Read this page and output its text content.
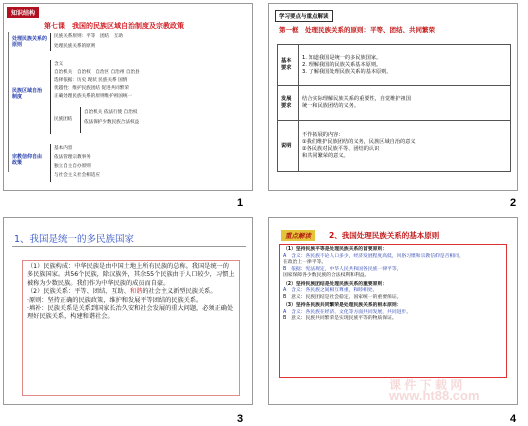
知识结构
第七课　我国的民族区域自治制度及宗教政策
处理民族关系的原则
民族关系原则：平等　团结　互助
处理民族关系的原则
民族区域自治制度
含义
自治机关　自治权　自治区 自治州 自治县
选择依据：历史 现状 民族关系 国情
优越性：维护民族团结 促进共同繁荣
正确处理民族关系的原则维护祖国统一
民族团结
自治机关 依法行使 自治权
依法保护少数民族合法权益
宗教信仰自由政策
基本内容
依法管理宗教事务
独立自主自办原则
与社会主义社会相适应
1
学习要点与重点解读
第一框　处理民族关系的原则：平等、团结、共同繁荣
基本要求	1. 知道我国是统一的多民族国家。
2. 理解我国的民族关系基本原则。
3. 了解我国处理民族关系的基本原则。

发展要求	结合实际理解民族关系的重要性，自觉维护祖国
统一和民族团结的义务。

说明	不作拓展的内容：
①我们维护民族团结的义务，民族区域自治的意义
②各民族对民族平等、团结的认识
和共同繁荣的意义。
2
1、我国是统一的多民族国家
（1）民族构成：中华民族是由中国土地上所有民族的总称。我国是统一的多民族国家。共56个民族，除汉族外，其余55个民族由于人口较少，习惯上被称为少数民族。我们作为中华民族的成员而自豪。
（2）民族关系：平等、团结、互助、和谐的社会主义新型民族关系。
·原则：坚持正确的民族政策，维护和发展平等团结的民族关系。
·填补：民族关系是关系到国家长治久安和社会发展的重大问题，必须正确处理好民族关系，构建和谐社会。
3
重点解读	2、我国处理民族关系的基本原则
（1）坚持民族平等是处理民族关系的首要原则：
A　含义：各民族不论人口多少，经济发展程度高低，风俗习惯和宗教信仰是否相同，
在政治上一律平等。
B　依据：宪法规定，中华人民共和国各民族一律平等，
国家保障各少数民族的合法权利和利益。
（2）坚持民族团结是处理民族关系的重要原则：
A　含义：各民族之间相互尊重，和睦相处，
B　意义：民族团结是社会稳定、国家统一的重要保证。
（3）坚持各民族共同繁荣是处理民族关系的根本原则：
A　含义：各民族在经济、文化等方面共同发展，共同进步。
B　意义：民族共同繁荣是实现民族平等的物质保证。
课 件 下 载 网
www.ht88.com
4
